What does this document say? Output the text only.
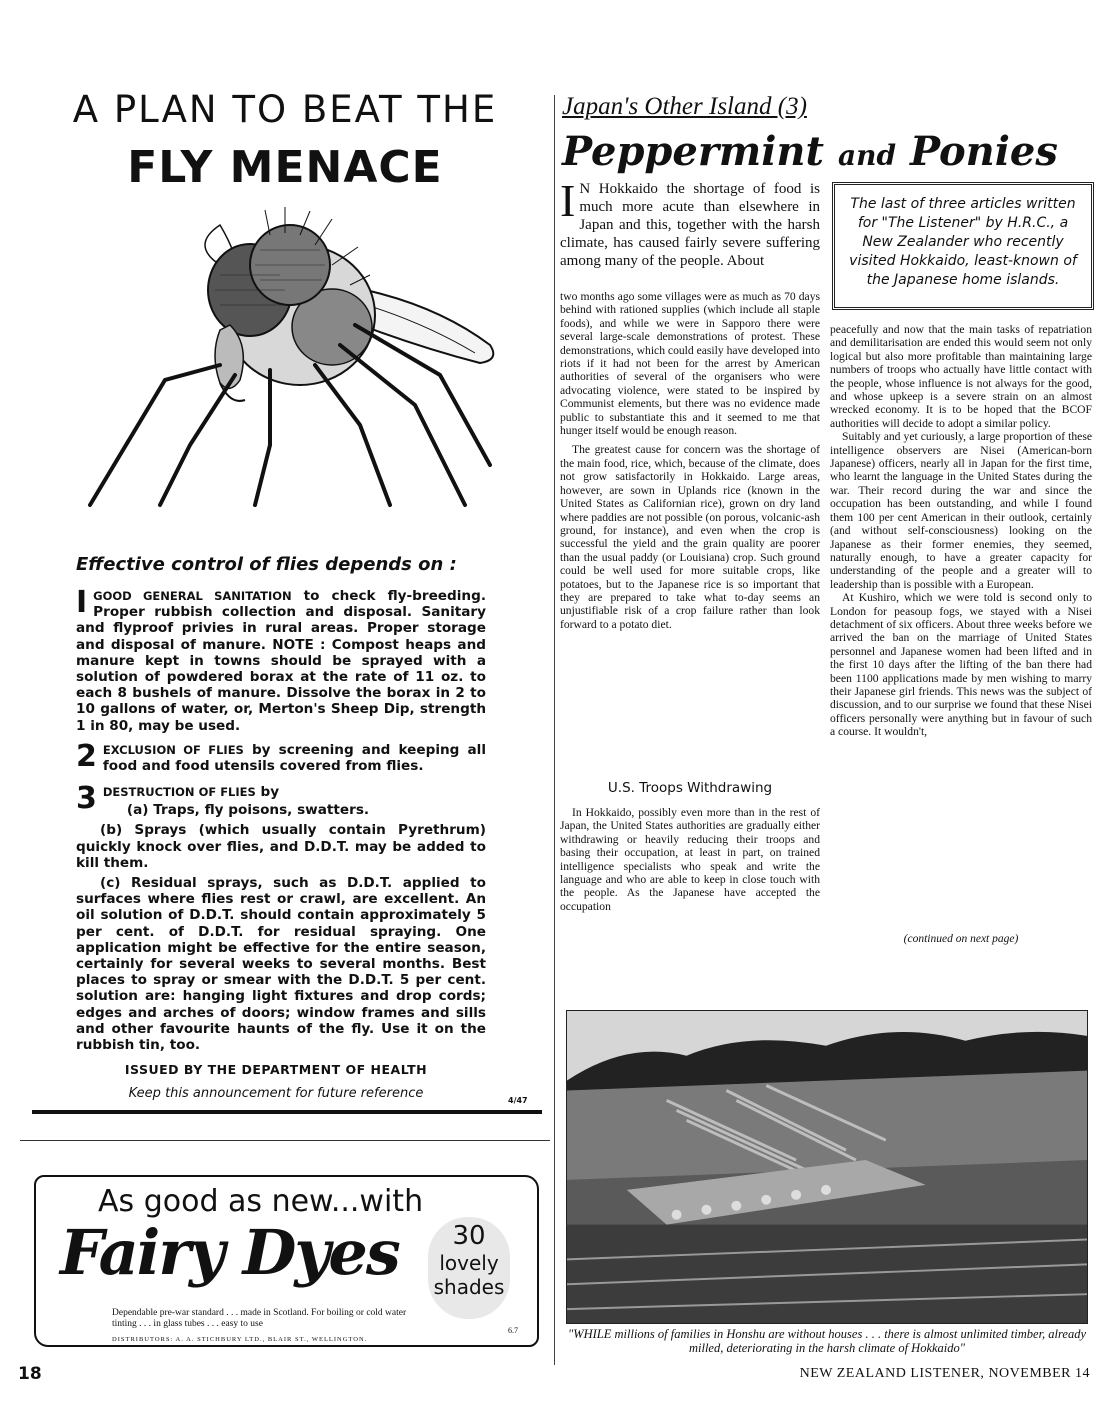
A PLAN TO BEAT THE
FLY MENACE
Effective control of flies depends on :
IGOOD GENERAL SANITATION to check fly-breeding. Proper rubbish collection and disposal. Sanitary and flyproof privies in rural areas. Proper storage and disposal of manure. NOTE : Compost heaps and manure kept in towns should be sprayed with a solution of powdered borax at the rate of 11 oz. to each 8 bushels of manure. Dissolve the borax in 2 to 10 gallons of water, or, Merton's Sheep Dip, strength 1 in 80, may be used.
2 EXCLUSION OF FLIES by screening and keeping all food and food utensils covered from flies.
3 DESTRUCTION OF FLIES by

(a) Traps, fly poisons, swatters.

(b) Sprays (which usually contain Pyrethrum) quickly knock over flies, and D.D.T. may be added to kill them.

(c) Residual sprays, such as D.D.T. applied to surfaces where flies rest or crawl, are excellent. An oil solution of D.D.T. should contain approximately 5 per cent. of D.D.T. for residual spraying. One application might be effective for the entire season, certainly for several weeks to several months. Best places to spray or smear with the D.D.T. 5 per cent. solution are: hanging light fixtures and drop cords; edges and arches of doors; window frames and sills and other favourite haunts of the fly. Use it on the rubbish tin, too.

ISSUED BY THE DEPARTMENT OF HEALTH
Keep this announcement for future reference	4/47
As good as new...with
Fairy Dyes	30
lovely
shades
Dependable pre-war standard . . . made in Scotland. For boiling or cold water tinting . . . in glass tubes . . . easy to use
DISTRIBUTORS: A. A. STICHBURY LTD., BLAIR ST., WELLINGTON.
6.7
18
Japan's Other Island (3)
Peppermint and Ponies
I N Hokkaido the shortage of food is much more acute than elsewhere in Japan and this, together with the harsh climate, has caused fairly severe suffering among many of the people. About

two months ago some villages were as much as 70 days behind with rationed supplies (which include all staple foods), and while we were in Sapporo there were several large-scale demonstrations of protest. These demonstrations, which could easily have developed into riots if it had not been for the arrest by American authorities of several of the organisers who were advocating violence, were stated to be inspired by Communist elements, but there was no evidence made public to substantiate this and it seemed to me that hunger itself would be enough reason.

The greatest cause for concern was the shortage of the main food, rice, which, because of the climate, does not grow satisfactorily in Hokkaido. Large areas, however, are sown in Uplands rice (known in the United States as Californian rice), grown on dry land where paddies are not possible (on porous, volcanic-ash ground, for instance), and even when the crop is successful the yield and the grain quality are poorer than the usual paddy (or Louisiana) crop. Such ground could be well used for more suitable crops, like potatoes, but to the Japanese rice is so important that they are prepared to take what to-day seems an unjustifiable risk of a crop failure rather than look forward to a potato diet.

U.S. Troops Withdrawing

In Hokkaido, possibly even more than in the rest of Japan, the United States authorities are gradually either withdrawing or heavily reducing their troops and basing their occupation, at least in part, on trained intelligence specialists who speak and write the language and who are able to keep in close touch with the people. As the Japanese have accepted the occupation

The last of three articles written for "The Listener" by H.R.C., a New Zealander who recently visited Hokkaido, least-known of the Japanese home islands.

peacefully and now that the main tasks of repatriation and demilitarisation are ended this would seem not only logical but also more profitable than maintaining large numbers of troops who actually have little contact with the people, whose influence is not always for the good, and whose upkeep is a severe strain on an almost wrecked economy. It is to be hoped that the BCOF authorities will decide to adopt a similar policy.

Suitably and yet curiously, a large proportion of these intelligence observers are Nisei (American-born Japanese) officers, nearly all in Japan for the first time, who learnt the language in the United States during the war. Their record during the war and since the occupation has been outstanding, and while I found them 100 per cent American in their outlook, certainly (and without self-consciousness) looking on the Japanese as their former enemies, they seemed, naturally enough, to have a greater capacity for understanding of the people and a greater will to leadership than is possible with a European.

At Kushiro, which we were told is second only to London for peasoup fogs, we stayed with a Nisei detachment of six officers. About three weeks before we arrived the ban on the marriage of United States personnel and Japanese women had been lifted and in the first 10 days after the lifting of the ban there had been 1100 applications made by men wishing to marry their Japanese girl friends. This news was the subject of discussion, and to our surprise we found that these Nisei officers personally were anything but in favour of such a course. It wouldn't,

(continued on next page)
"WHILE millions of families in Honshu are without houses . . . there is almost unlimited timber, already milled, deteriorating in the harsh climate of Hokkaido"
NEW ZEALAND LISTENER, NOVEMBER 14
